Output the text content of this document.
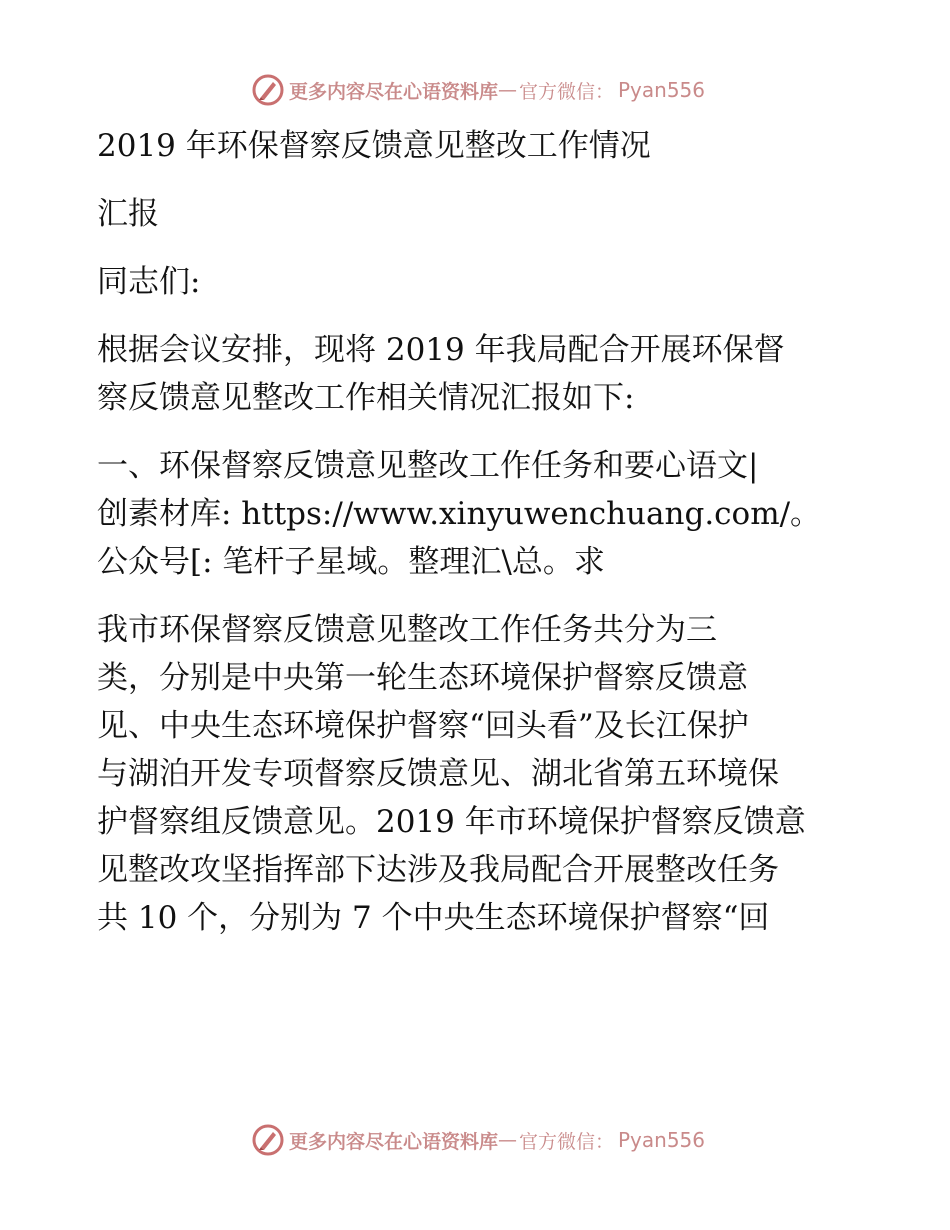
更多内容尽在心语资料库 — 官方微信： Pyan556

2019 年环保督察反馈意见整改工作情况

汇报

同志们:

根据会议安排，现将 2019 年我局配合开展环保督
察反馈意见整改工作相关情况汇报如下:

一、环保督察反馈意见整改工作任务和要心语文|
创素材库: https://www.xinyuwenchuang.com/。
公众号[: 笔杆子星域。整理汇\总。求

我市环保督察反馈意见整改工作任务共分为三
类，分别是中央第一轮生态环境保护督察反馈意
见、中央生态环境保护督察“回头看”及长江保护
与湖泊开发专项督察反馈意见、湖北省第五环境保
护督察组反馈意见。2019 年市环境保护督察反馈意
见整改攻坚指挥部下达涉及我局配合开展整改任务
共 10 个，分别为 7 个中央生态环境保护督察“回

更多内容尽在心语资料库 — 官方微信： Pyan556
